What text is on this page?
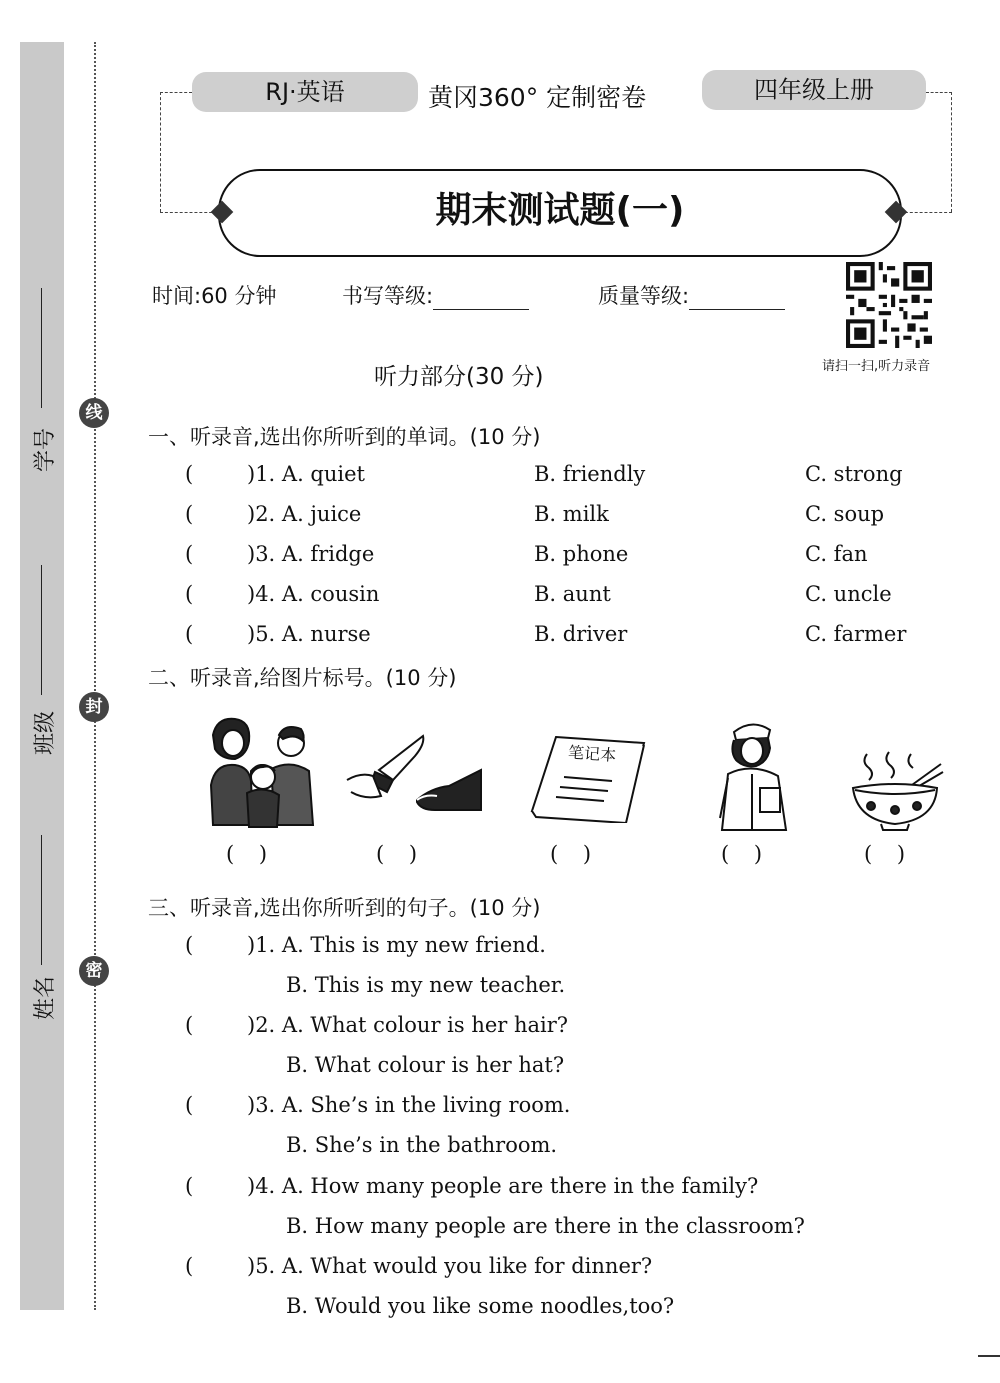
线
封
密
学号
班级
姓名
RJ·英语	黄冈360° 定制密卷	四年级上册
期末测试题(一)
时间:60 分钟	书写等级:	质量等级:
请扫一扫,听力录音
听力部分(30 分)
一、听录音,选出你所听到的单词。(10 分)
(	)1. A. quiet	B. friendly	C. strong
(	)2. A. juice	B. milk	C. soup
(	)3. A. fridge	B. phone	C. fan
(	)4. A. cousin	B. aunt	C. uncle
(	)5. A. nurse	B. driver	C. farmer
二、听录音,给图片标号。(10 分)
笔记本
( )	( )	( )	( )	( )
三、听录音,选出你所听到的句子。(10 分)
(	)1. A. This is my new friend.
B. This is my new teacher.
(	)2. A. What colour is her hair?
B. What colour is her hat?
(	)3. A. She’s in the living room.
B. She’s in the bathroom.
(	)4. A. How many people are there in the family?
B. How many people are there in the classroom?
(	)5. A. What would you like for dinner?
B. Would you like some noodles,too?
